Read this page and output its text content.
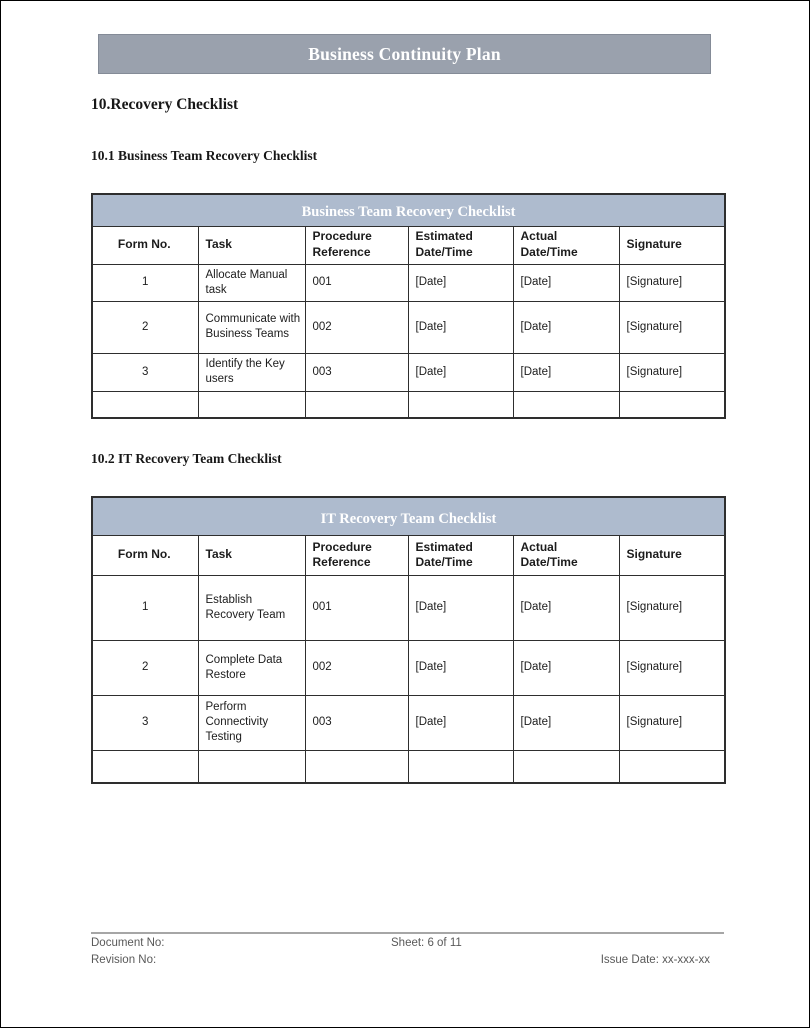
Business Continuity Plan
10.Recovery Checklist
10.1 Business Team Recovery Checklist
Business Team Recovery Checklist					
Form No.	Task	Procedure Reference	Estimated Date/Time	Actual Date/Time	Signature
1	Allocate Manual task	001	[Date]	[Date]	[Signature]
2	Communicate with Business Teams	002	[Date]	[Date]	[Signature]
3	Identify the Key users	003	[Date]	[Date]	[Signature]

10.2 IT Recovery Team Checklist
IT Recovery Team Checklist					
Form No.	Task	Procedure Reference	Estimated Date/Time	Actual Date/Time	Signature
1	Establish Recovery Team	001	[Date]	[Date]	[Signature]
2	Complete Data Restore	002	[Date]	[Date]	[Signature]
3	Perform Connectivity Testing	003	[Date]	[Date]	[Signature]

Document No:	Sheet: 6 of 11
Revision No:	Issue Date: xx-xxx-xx
